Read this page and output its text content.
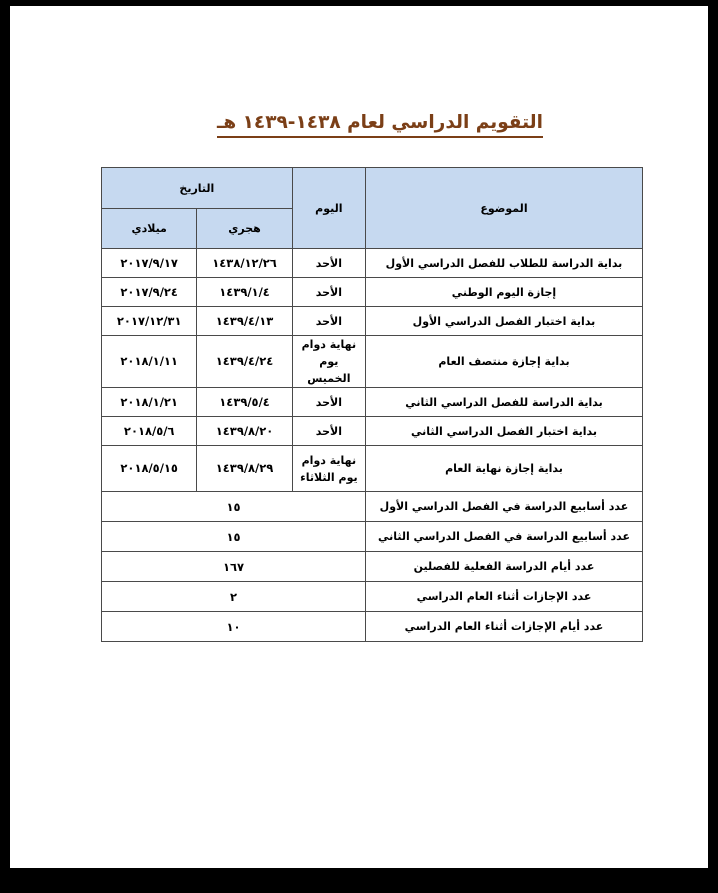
التقويم الدراسي لعام ١٤٣٨-١٤٣٩ هـ
الموضوع	اليوم	التاريخ	
		هجري	ميلادي
بداية الدراسة للطلاب للفصل الدراسي الأول	الأحد	١٤٣٨/١٢/٢٦	٢٠١٧/٩/١٧
إجازة اليوم الوطني	الأحد	١٤٣٩/١/٤	٢٠١٧/٩/٢٤
بداية اختبار الفصل الدراسي الأول	الأحد	١٤٣٩/٤/١٣	٢٠١٧/١٢/٣١
بداية إجازة منتصف العام	نهاية دوام يوم الخميس	١٤٣٩/٤/٢٤	٢٠١٨/١/١١
بداية الدراسة للفصل الدراسي الثاني	الأحد	١٤٣٩/٥/٤	٢٠١٨/١/٢١
بداية اختبار الفصل الدراسي الثاني	الأحد	١٤٣٩/٨/٢٠	٢٠١٨/٥/٦
بداية إجازة نهاية العام	نهاية دوام يوم الثلاثاء	١٤٣٩/٨/٢٩	٢٠١٨/٥/١٥
عدد أسابيع الدراسة في الفصل الدراسي الأول	١٥		
عدد أسابيع الدراسة في الفصل الدراسي الثاني	١٥		
عدد أيام الدراسة الفعلية للفصلين	١٦٧		
عدد الإجازات أثناء العام الدراسي	٢		
عدد أيام الإجازات أثناء العام الدراسي	١٠		
